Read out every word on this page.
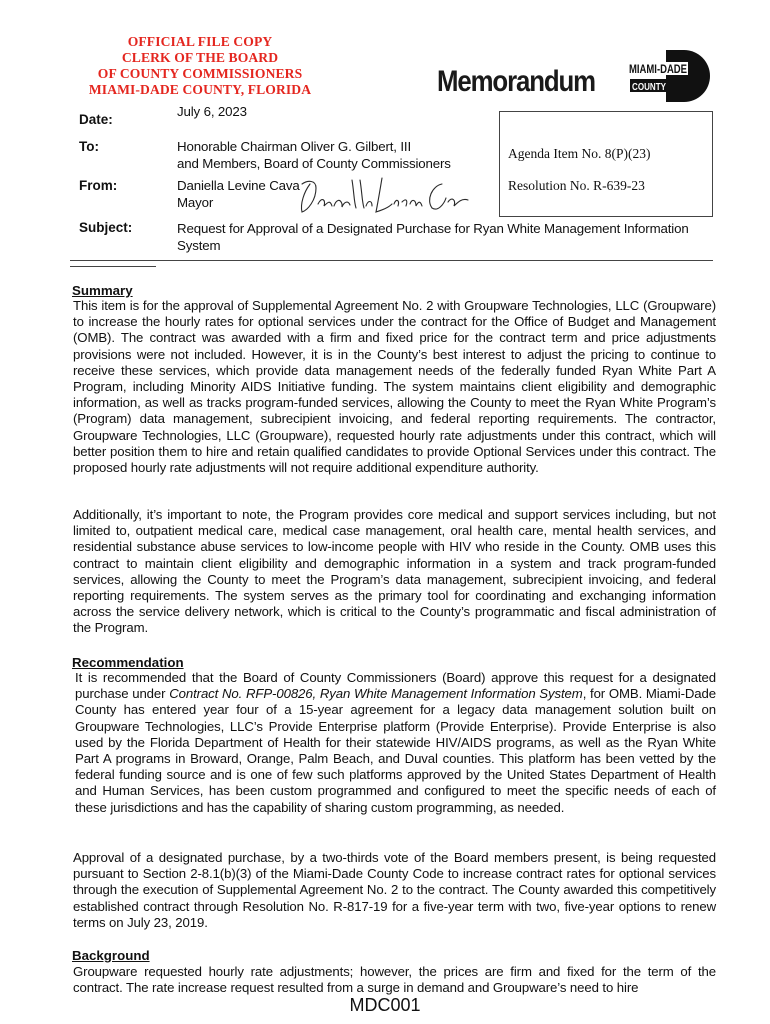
OFFICIAL FILE COPY
CLERK OF THE BOARD
OF COUNTY COMMISSIONERS
MIAMI-DADE COUNTY, FLORIDA	Memorandum	MIAMI-DADE
COUNTY
Date:
July 6, 2023
To:	Honorable Chairman Oliver G. Gilbert, III
and Members, Board of County Commissioners
From:	Daniella Levine Cava
Mayor
Subject:	Request for Approval of a Designated Purchase for Ryan White Management Information
System
Agenda Item No. 8(P)(23)
Resolution No. R-639-23
Summary
This item is for the approval of Supplemental Agreement No. 2 with Groupware Technologies, LLC (Groupware) to increase the hourly rates for optional services under the contract for the Office of Budget and Management (OMB). The contract was awarded with a firm and fixed price for the contract term and price adjustments provisions were not included. However, it is in the County’s best interest to adjust the pricing to continue to receive these services, which provide data management needs of the federally funded Ryan White Part A Program, including Minority AIDS Initiative funding. The system maintains client eligibility and demographic information, as well as tracks program-funded services, allowing the County to meet the Ryan White Program’s (Program) data management, subrecipient invoicing, and federal reporting requirements. The contractor, Groupware Technologies, LLC (Groupware), requested hourly rate adjustments under this contract, which will better position them to hire and retain qualified candidates to provide Optional Services under this contract. The proposed hourly rate adjustments will not require additional expenditure authority.
Additionally, it’s important to note, the Program provides core medical and support services including, but not limited to, outpatient medical care, medical case management, oral health care, mental health services, and residential substance abuse services to low-income people with HIV who reside in the County. OMB uses this contract to maintain client eligibility and demographic information in a system and track program-funded services, allowing the County to meet the Program’s data management, subrecipient invoicing, and federal reporting requirements. The system serves as the primary tool for coordinating and exchanging information across the service delivery network, which is critical to the County’s programmatic and fiscal administration of the Program.
Recommendation
It is recommended that the Board of County Commissioners (Board) approve this request for a designated purchase under Contract No. RFP-00826, Ryan White Management Information System, for OMB. Miami-Dade County has entered year four of a 15-year agreement for a legacy data management solution built on Groupware Technologies, LLC’s Provide Enterprise platform (Provide Enterprise). Provide Enterprise is also used by the Florida Department of Health for their statewide HIV/AIDS programs, as well as the Ryan White Part A programs in Broward, Orange, Palm Beach, and Duval counties. This platform has been vetted by the federal funding source and is one of few such platforms approved by the United States Department of Health and Human Services, has been custom programmed and configured to meet the specific needs of each of these jurisdictions and has the capability of sharing custom programming, as needed.
Approval of a designated purchase, by a two-thirds vote of the Board members present, is being requested pursuant to Section 2-8.1(b)(3) of the Miami-Dade County Code to increase contract rates for optional services through the execution of Supplemental Agreement No. 2 to the contract. The County awarded this competitively established contract through Resolution No. R-817-19 for a five-year term with two, five-year options to renew terms on July 23, 2019.
Background
Groupware requested hourly rate adjustments; however, the prices are firm and fixed for the term of the contract. The rate increase request resulted from a surge in demand and Groupware’s need to hire
MDC001
